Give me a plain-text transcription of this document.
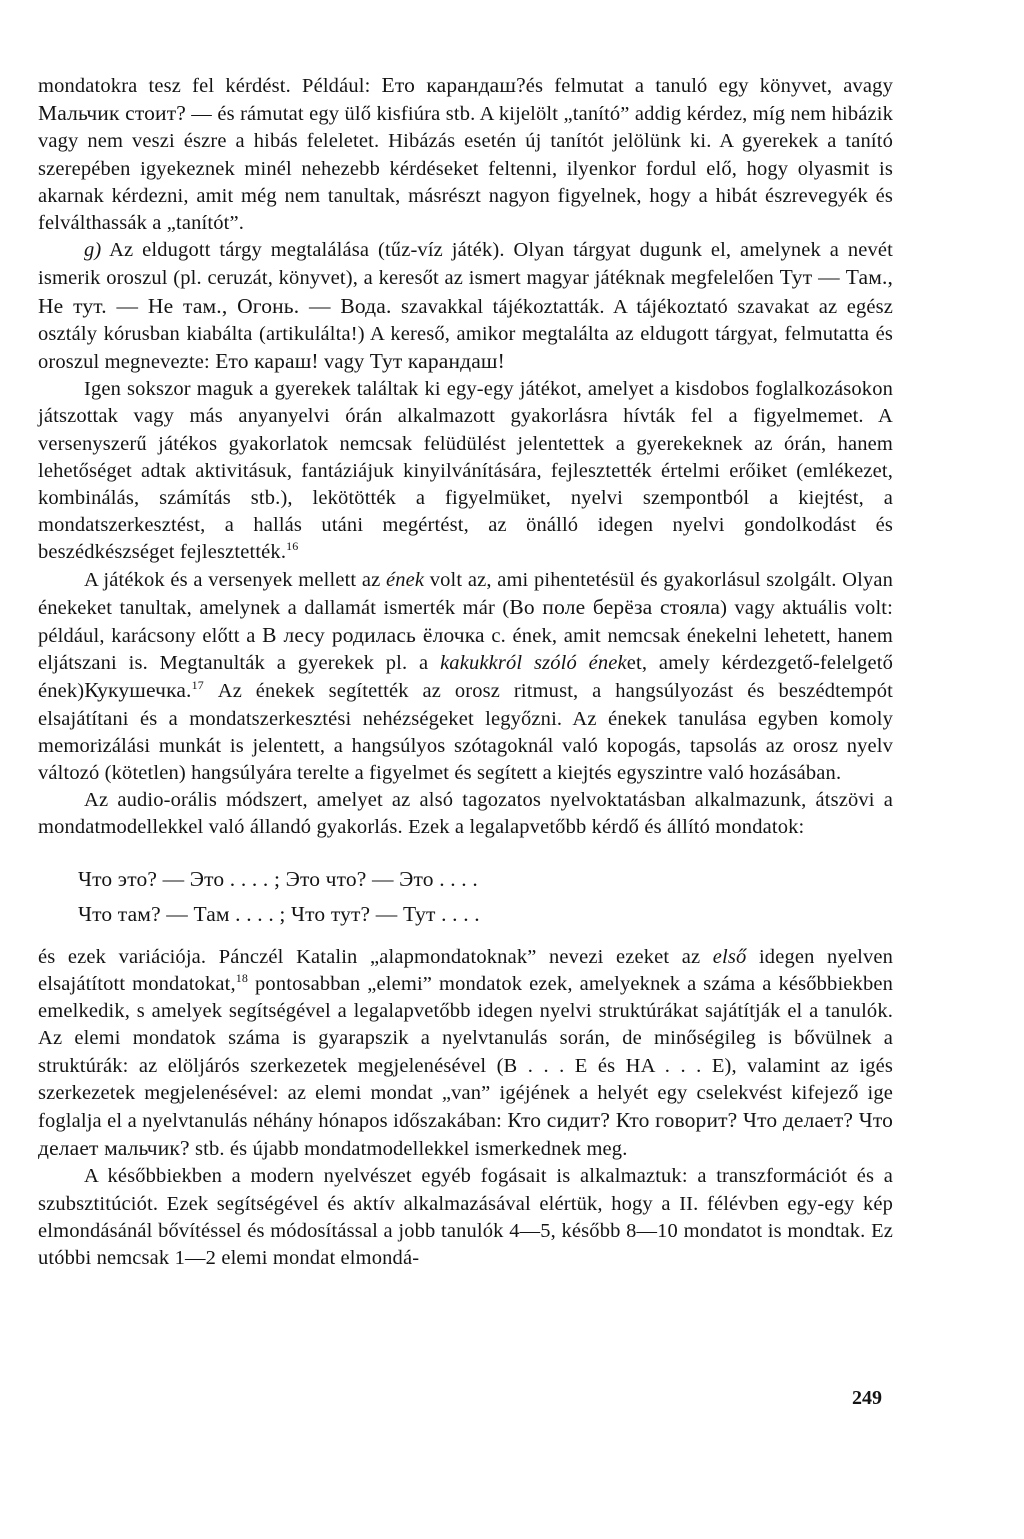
mondatokra tesz fel kérdést. Például: Ето карандаш?és felmutat a tanuló egy könyvet, avagy Мальчик стоит? — és rámutat egy ülő kisfiúra stb. A kijelölt „tanító” addig kérdez, míg nem hibázik vagy nem veszi észre a hibás feleletet. Hibázás esetén új tanítót jelölünk ki. A gyerekek a tanító szerepében igyekeznek minél nehezebb kérdéseket feltenni, ilyenkor fordul elő, hogy olyasmit is akarnak kérdezni, amit még nem tanultak, másrészt nagyon figyelnek, hogy a hibát észrevegyék és felválthassák a „tanítót”.

g) Az eldugott tárgy megtalálása (tűz-víz játék). Olyan tárgyat dugunk el, amelynek a nevét ismerik oroszul (pl. ceruzát, könyvet), a keresőt az ismert magyar játéknak megfelelően Тут — Там., Не тут. — Не там., Огонь. — Вода. szavakkal tájékoztatták. A tájékoztató szavakat az egész osztály kórusban kiabálta (artikulálta!) A kereső, amikor megtalálta az eldugott tárgyat, felmutatta és oroszul megnevezte: Ето карaш! vagy Тут карандаш!

Igen sokszor maguk a gyerekek találtak ki egy-egy játékot, amelyet a kisdobos foglalkozásokon játszottak vagy más anyanyelvi órán alkalmazott gyakorlásra hívták fel a figyelmemet. A versenyszerű játékos gyakorlatok nemcsak felüdülést jelentettek a gyerekeknek az órán, hanem lehetőséget adtak aktivitásuk, fantáziájuk kinyilvánítására, fejlesztették értelmi erőiket (emlékezet, kombinálás, számítás stb.), lekötötték a figyelmüket, nyelvi szempontból a kiejtést, a mondatszerkesztést, a hallás utáni megértést, az önálló idegen nyelvi gondolkodást és beszédkészséget fejlesztették.$^{16}$

A játékok és a versenyek mellett az ének volt az, ami pihentetésül és gyakorlásul szolgált. Olyan énekeket tanultak, amelynek a dallamát ismerték már (Во поле берёза стояла) vagy aktuális volt: például, karácsony előtt a В лесу родилась ёлочка c. ének, amit nemcsak énekelni lehetett, hanem eljátszani is. Megtanulták a gyerekek pl. a kakukkról szóló éneket, amely kérdezgető-felelgető ének)Кукушечка.$^{17}$ Az énekek segítették az orosz ritmust, a hangsúlyozást és beszédtempót elsajátítani és a mondatszerkesztési nehézségeket legyőzni. Az énekek tanulása egyben komoly memorizálási munkát is jelentett, a hangsúlyos szótagoknál való kopogás, tapsolás az orosz nyelv változó (kötetlen) hangsúlyára terelte a figyelmet és segített a kiejtés egyszintre való hozásában.

Az audio-orális módszert, amelyet az alsó tagozatos nyelvoktatásban alkalmazunk, átszövi a mondatmodellekkel való állandó gyakorlás. Ezek a legalapvetőbb kérdő és állító mondatok:

Что это? — Это . . . . ; Это что? — Это . . . .
Что там? — Там . . . . ; Что тут? — Тут . . . .

és ezek variációja. Pánczél Katalin „alapmondatoknak” nevezi ezeket az első idegen nyelven elsajátított mondatokat,$^{18}$ pontosabban „elemi” mondatok ezek, amelyeknek a száma a későbbiekben emelkedik, s amelyek segítségével a legalapvetőbb idegen nyelvi struktúrákat sajátítják el a tanulók. Az elemi mondatok száma is gyarapszik a nyelvtanulás során, de minőségileg is bővülnek a struktúrák: az elöljárós szerkezetek megjelenésével (B . . . E és HA . . . E), valamint az igés szerkezetek megjelenésével: az elemi mondat „van” igéjének a helyét egy cselekvést kifejező ige foglalja el a nyelvtanulás néhány hónapos időszakában: Кто сидит? Кто говорит? Что делает? Что делает мальчик? stb. és újabb mondatmodellekkel ismerkednek meg.

A későbbiekben a modern nyelvészet egyéb fogásait is alkalmaztuk: a transzformációt és a szubsztitúciót. Ezek segítségével és aktív alkalmazásával elértük, hogy a II. félévben egy-egy kép elmondásánál bővítéssel és módosítással a jobb tanulók 4—5, később 8—10 mondatot is mondtak. Ez utóbbi nemcsak 1—2 elemi mondat elmondá-

249
